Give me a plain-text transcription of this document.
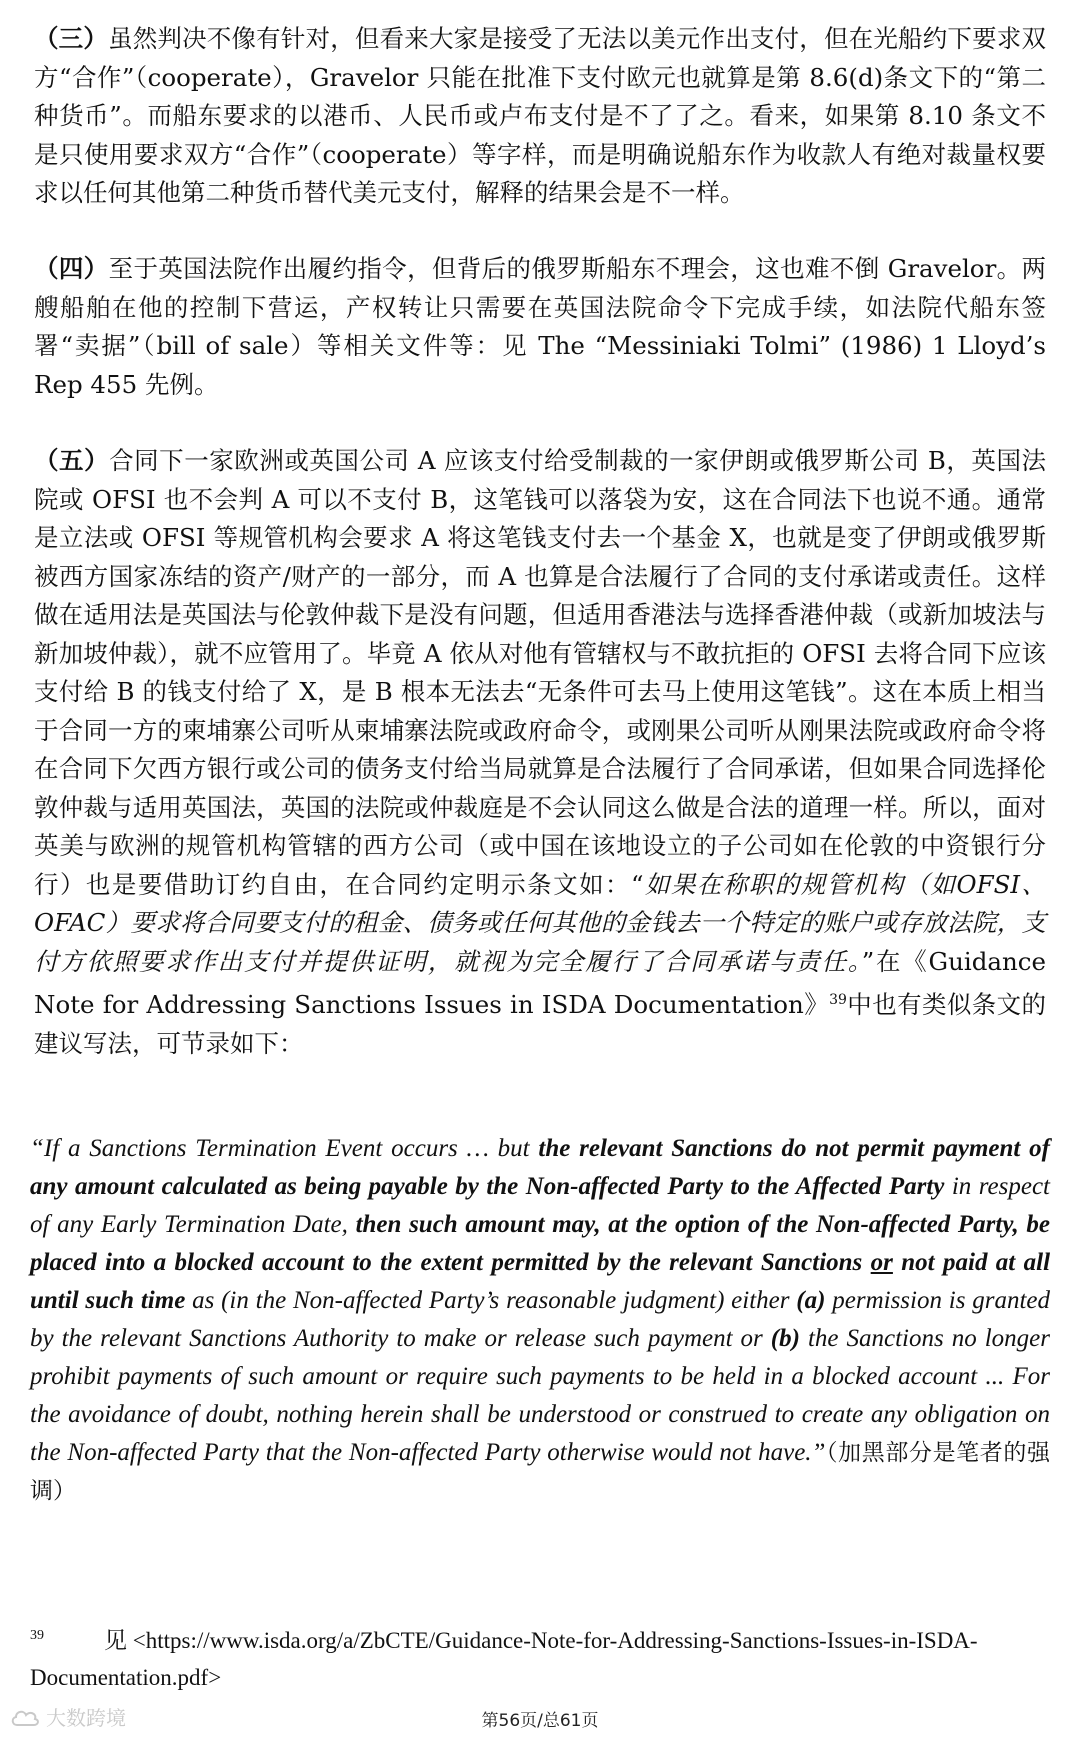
（三）虽然判决不像有针对，但看来大家是接受了无法以美元作出支付，但在光船约下要求双方“合作”（cooperate），Gravelor 只能在批准下支付欧元也就算是第 8.6(d)条文下的“第二种货币”。而船东要求的以港币、人民币或卢布支付是不了了之。看来，如果第 8.10 条文不是只使用要求双方“合作”（cooperate）等字样，而是明确说船东作为收款人有绝对裁量权要求以任何其他第二种货币替代美元支付，解释的结果会是不一样。

（四）至于英国法院作出履约指令，但背后的俄罗斯船东不理会，这也难不倒 Gravelor。两艘船舶在他的控制下营运，产权转让只需要在英国法院命令下完成手续，如法院代船东签署“卖据”（bill of sale）等相关文件等：见 The “Messiniaki Tolmi” (1986) 1 Lloyd’s Rep 455 先例。

（五）合同下一家欧洲或英国公司 A 应该支付给受制裁的一家伊朗或俄罗斯公司 B，英国法院或 OFSI 也不会判 A 可以不支付 B，这笔钱可以落袋为安，这在合同法下也说不通。通常是立法或 OFSI 等规管机构会要求 A 将这笔钱支付去一个基金 X，也就是变了伊朗或俄罗斯被西方国家冻结的资产/财产的一部分，而 A 也算是合法履行了合同的支付承诺或责任。这样做在适用法是英国法与伦敦仲裁下是没有问题，但适用香港法与选择香港仲裁（或新加坡法与新加坡仲裁），就不应管用了。毕竟 A 依从对他有管辖权与不敢抗拒的 OFSI 去将合同下应该支付给 B 的钱支付给了 X，是 B 根本无法去“无条件可去马上使用这笔钱”。这在本质上相当于合同一方的柬埔寨公司听从柬埔寨法院或政府命令，或刚果公司听从刚果法院或政府命令将在合同下欠西方银行或公司的债务支付给当局就算是合法履行了合同承诺，但如果合同选择伦敦仲裁与适用英国法，英国的法院或仲裁庭是不会认同这么做是合法的道理一样。所以，面对英美与欧洲的规管机构管辖的西方公司（或中国在该地设立的子公司如在伦敦的中资银行分行）也是要借助订约自由，在合同约定明示条文如：“如果在称职的规管机构（如OFSI、OFAC）要求将合同要支付的租金、债务或任何其他的金钱去一个特定的账户或存放法院，支付方依照要求作出支付并提供证明，就视为完全履行了合同承诺与责任。”在《Guidance Note for Addressing Sanctions Issues in ISDA Documentation》$^{39}$中也有类似条文的建议写法，可节录如下：

“If a Sanctions Termination Event occurs … but the relevant Sanctions do not permit payment of any amount calculated as being payable by the Non-affected Party to the Affected Party in respect of any Early Termination Date, then such amount may, at the option of the Non-affected Party, be placed into a blocked account to the extent permitted by the relevant Sanctions or not paid at all until such time as (in the Non-affected Party’s reasonable judgment) either (a) permission is granted by the relevant Sanctions Authority to make or release such payment or (b) the Sanctions no longer prohibit payments of such amount or require such payments to be held in a blocked account ... For the avoidance of doubt, nothing herein shall be understood or construed to create any obligation on the Non-affected Party that the Non-affected Party otherwise would not have.”（加黑部分是笔者的强调）

$^{39}$	见 <https://www.isda.org/a/ZbCTE/Guidance-Note-for-Addressing-Sanctions-Issues-in-ISDA-Documentation.pdf>

大数跨境	第56页/总61页
